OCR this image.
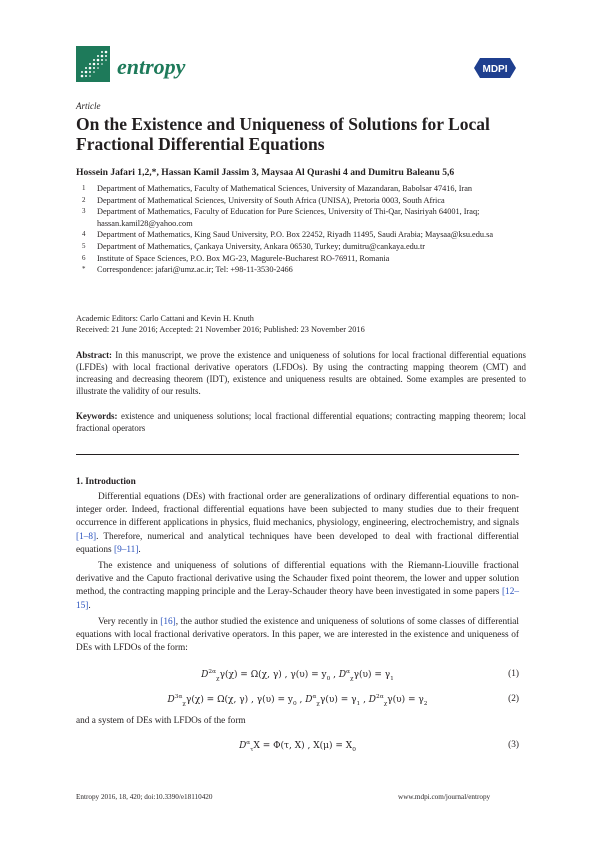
entropy	MDPI
Article
On the Existence and Uniqueness of Solutions for Local Fractional Differential Equations
Hossein Jafari 1,2,*, Hassan Kamil Jassim 3, Maysaa Al Qurashi 4 and Dumitru Baleanu 5,6
1 Department of Mathematics, Faculty of Mathematical Sciences, University of Mazandaran, Babolsar 47416, Iran
2 Department of Mathematical Sciences, University of South Africa (UNISA), Pretoria 0003, South Africa
3 Department of Mathematics, Faculty of Education for Pure Sciences, University of Thi-Qar, Nasiriyah 64001, Iraq; hassan.kamil28@yahoo.com
4 Department of Mathematics, King Saud University, P.O. Box 22452, Riyadh 11495, Saudi Arabia; Maysaa@ksu.edu.sa
5 Department of Mathematics, Çankaya University, Ankara 06530, Turkey; dumitru@cankaya.edu.tr
6 Institute of Space Sciences, P.O. Box MG-23, Magurele-Bucharest RO-76911, Romania
* Correspondence: jafari@umz.ac.ir; Tel: +98-11-3530-2466
Academic Editors: Carlo Cattani and Kevin H. Knuth
Received: 21 June 2016; Accepted: 21 November 2016; Published: 23 November 2016
Abstract: In this manuscript, we prove the existence and uniqueness of solutions for local fractional differential equations (LFDEs) with local fractional derivative operators (LFDOs). By using the contracting mapping theorem (CMT) and increasing and decreasing theorem (IDT), existence and uniqueness results are obtained. Some examples are presented to illustrate the validity of our results.
Keywords: existence and uniqueness solutions; local fractional differential equations; contracting mapping theorem; local fractional operators
1. Introduction

Differential equations (DEs) with fractional order are generalizations of ordinary differential equations to non-integer order. Indeed, fractional differential equations have been subjected to many studies due to their frequent occurrence in different applications in physics, fluid mechanics, physiology, engineering, electrochemistry, and signals [1–8]. Therefore, numerical and analytical techniques have been developed to deal with fractional differential equations [9–11].

The existence and uniqueness of solutions of differential equations with the Riemann-Liouville fractional derivative and the Caputo fractional derivative using the Schauder fixed point theorem, the lower and upper solution method, the contracting mapping principle and the Leray-Schauder theory have been investigated in some papers [12–15].

Very recently in [16], the author studied the existence and uniqueness of solutions of some classes of differential equations with local fractional derivative operators. In this paper, we are interested in the existence and uniqueness of DEs with LFDOs of the form:

$D^{2\alpha}_\chi\gamma(\chi) = \Omega(\chi$, γ) , $\gamma(\upsilon) = y_0$ , $D^\alpha_\chi\gamma(\upsilon) = \gamma_1$	(1)
$D^{3\alpha}_\chi\gamma(\chi) = \Omega(\chi$, γ) , $\gamma(\upsilon) = y_0$ , $D^\alpha_\chi\gamma(\upsilon) = \gamma_1$ , $D^{2\alpha}_\chi\gamma(\upsilon) = \gamma_2$	(2)
and a system of DEs with LFDOs of the form
$D^\alpha_\tau X = \Phi(\tau$, X) , $X(\mu) = X_0$	(3)
Entropy 2016, 18, 420; doi:10.3390/e18110420	www.mdpi.com/journal/entropy
